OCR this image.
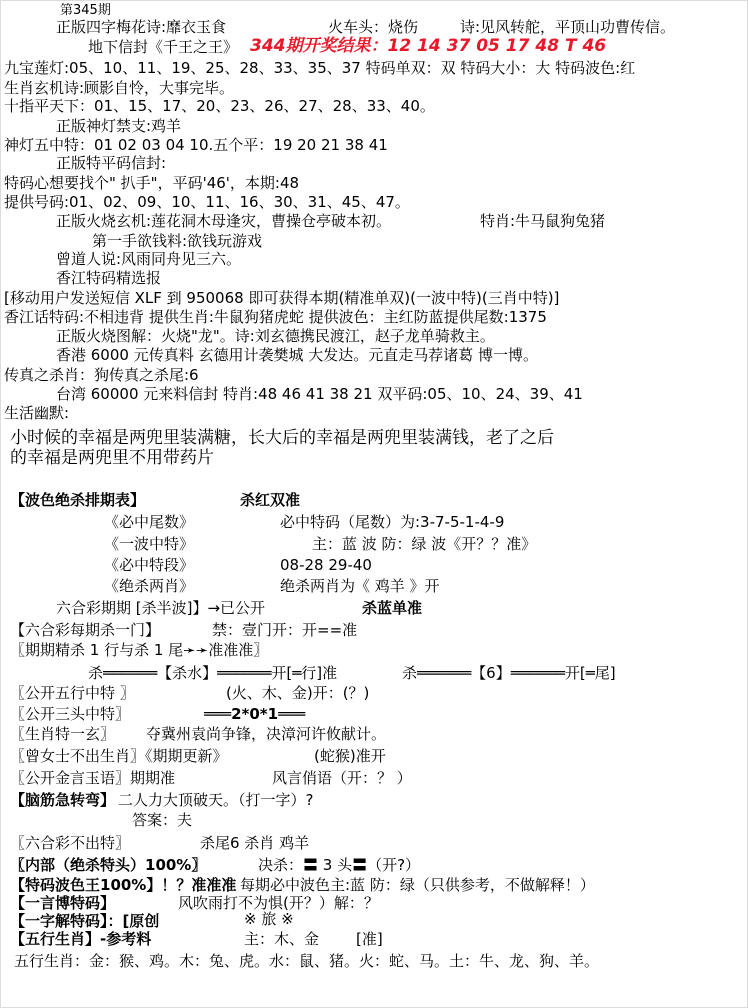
第345期
正版四字梅花诗:靡衣玉食	火车头：烧伤	诗:见风转舵，平顶山功曹传信。
地下信封《千王之王》 344期开奖结果：12 14 37 05 17 48 T 46
九宝莲灯:05、10、11、19、25、28、33、35、37 特码单双：双 特码大小：大 特码波色:红
生肖玄机诗:顾影自怜，大事完毕。
十指平天下：01、15、17、20、23、26、27、28、33、40。
正版神灯禁支:鸡羊
神灯五中特：01 02 03 04 10.五个平：19 20 21 38 41
正版特平码信封:
特码心想要找个" 扒手"，平码'46'，本期:48
提供号码:01、02、09、10、11、16、30、31、45、47。
正版火烧玄机:莲花洞木母逢灾，曹操仓亭破本初。	特肖:牛马鼠狗兔猪
第一手欲钱料:欲钱玩游戏
曾道人说:风雨同舟见三六。
香江特码精选报
[移动用户发送短信 XLF 到 950068 即可获得本期(精准单双)(一波中特)(三肖中特)]
香江话特码:不相违背 提供生肖:牛鼠狗猪虎蛇 提供波色：主红防蓝提供尾数:1375
正版火烧图解：火烧"龙"。诗:刘玄德携民渡江，赵子龙单骑救主。
香港 6000 元传真料 玄德用计袭樊城 大发达。元直走马荐诸葛 博一博。
传真之杀肖：狗传真之杀尾:6
台湾 60000 元来料信封 特肖:48 46 41 38 21 双平码:05、10、24、39、41
生活幽默:
小时候的幸福是两兜里装满糖，长大后的幸福是两兜里装满钱，老了之后
的幸福是两兜里不用带药片
【波色绝杀排期表】	杀红双准
《必中尾数》	必中特码（尾数）为:3-7-5-1-4-9
《一波中特》	主：蓝 波 防：绿 波《开？？准》
《必中特段》	08-28 29-40
《绝杀两肖》	绝杀两肖为《 鸡羊 》开
六合彩期期 [杀半波]】→已公开	杀蓝单准
【六合彩每期杀一门】	禁：壹门开：开==准
〖期期精杀 1 行与杀 1 尾➛➛准准准〗
杀══════【杀水】══════开[═行]准	杀══════【6】══════开[═尾]
〖公开五行中特 〗	(火、木、金)开：(？)
〖公开三头中特〗	═══2*0*1═══
〖生肖特一玄〗 夺冀州袁尚争锋，决漳河许攸献计。
〖曾女士不出生肖〗《期期更新》	(蛇猴)准开
〖公开金言玉语〗期期准	风言俏语（开：？ ）
【脑筋急转弯】 二人力大顶破天。（打一字）?
答案：夫
〖六合彩不出特〗	杀尾6 杀肖 鸡羊
〖内部（绝杀特头）100%〗	决杀：〓 3 头〓（开?）
【特码波色王100%】！？准准准 每期必中波色主:蓝 防：绿（只供参考，不做解释！）
【一言博特码】	风吹雨打不为惧(开？）解：？
【一字解特码】：[原创	※ 旅 ※
【五行生肖】-参考料	主：木、金 [准]
五行生肖：金：猴、鸡。木：兔、虎。水：鼠、猪。火：蛇、马。土：牛、龙、狗、羊。
